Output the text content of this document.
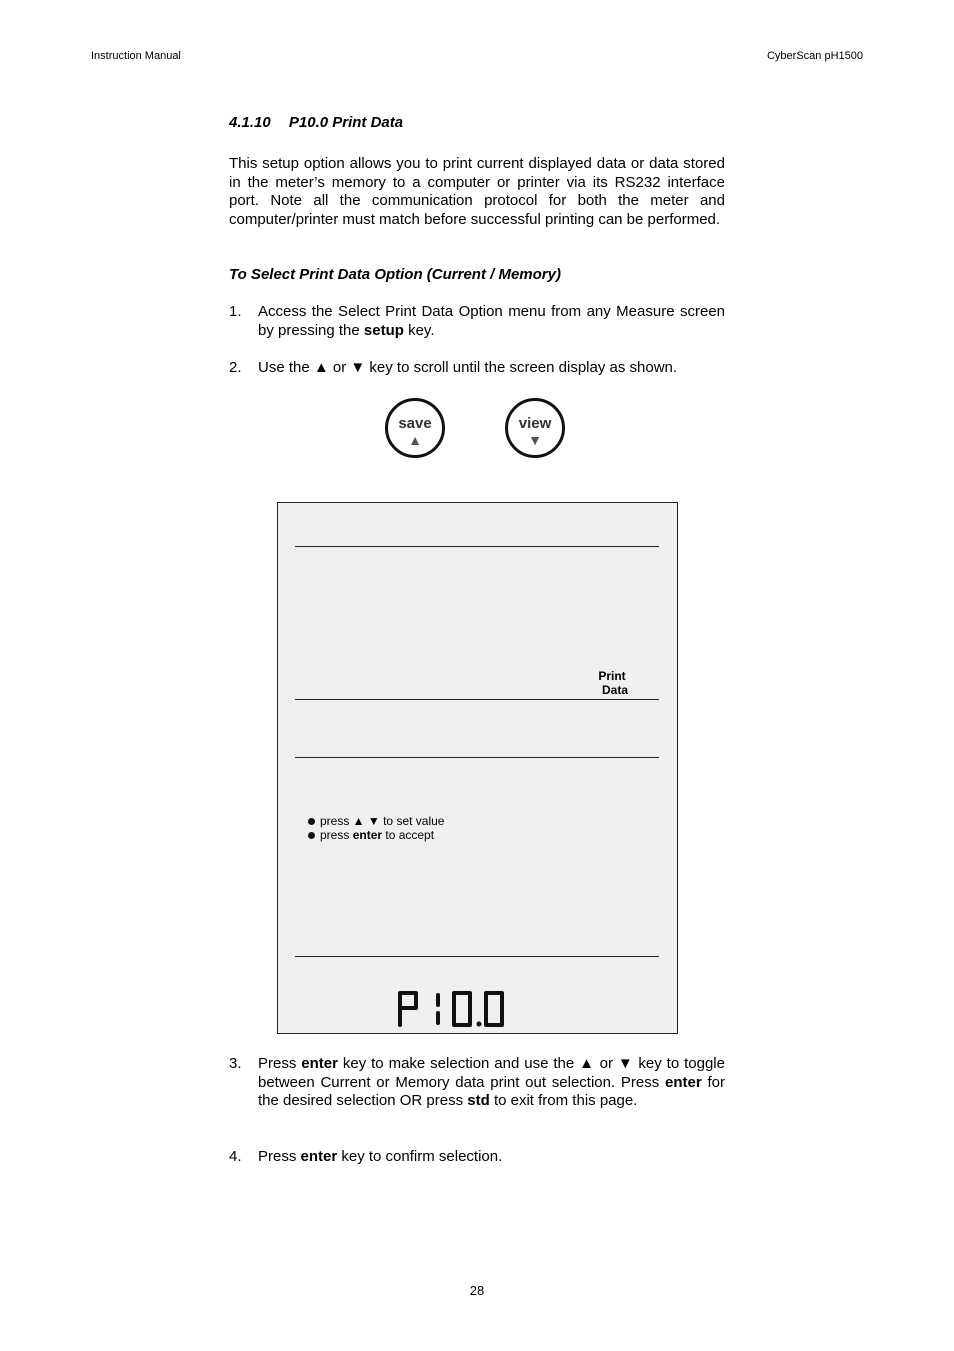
Instruction Manual	CyberScan pH1500
4.1.10 P10.0 Print Data
This setup option allows you to print current displayed data or data stored in the meter’s memory to a computer or printer via its RS232 interface port. Note all the communication protocol for both the meter and computer/printer must match before successful printing can be performed.
To Select Print Data Option (Current / Memory)
1. Access the Select Print Data Option menu from any Measure screen by pressing the setup key.
2. Use the ▲ or ▼ key to scroll until the screen display as shown.
save
▲
view
▼
Print
Data
press ▲ ▼ to set value
press enter to accept
3. Press enter key to make selection and use the ▲ or ▼ key to toggle between Current or Memory data print out selection. Press enter for the desired selection OR press std to exit from this page.
4. Press enter key to confirm selection.
28
